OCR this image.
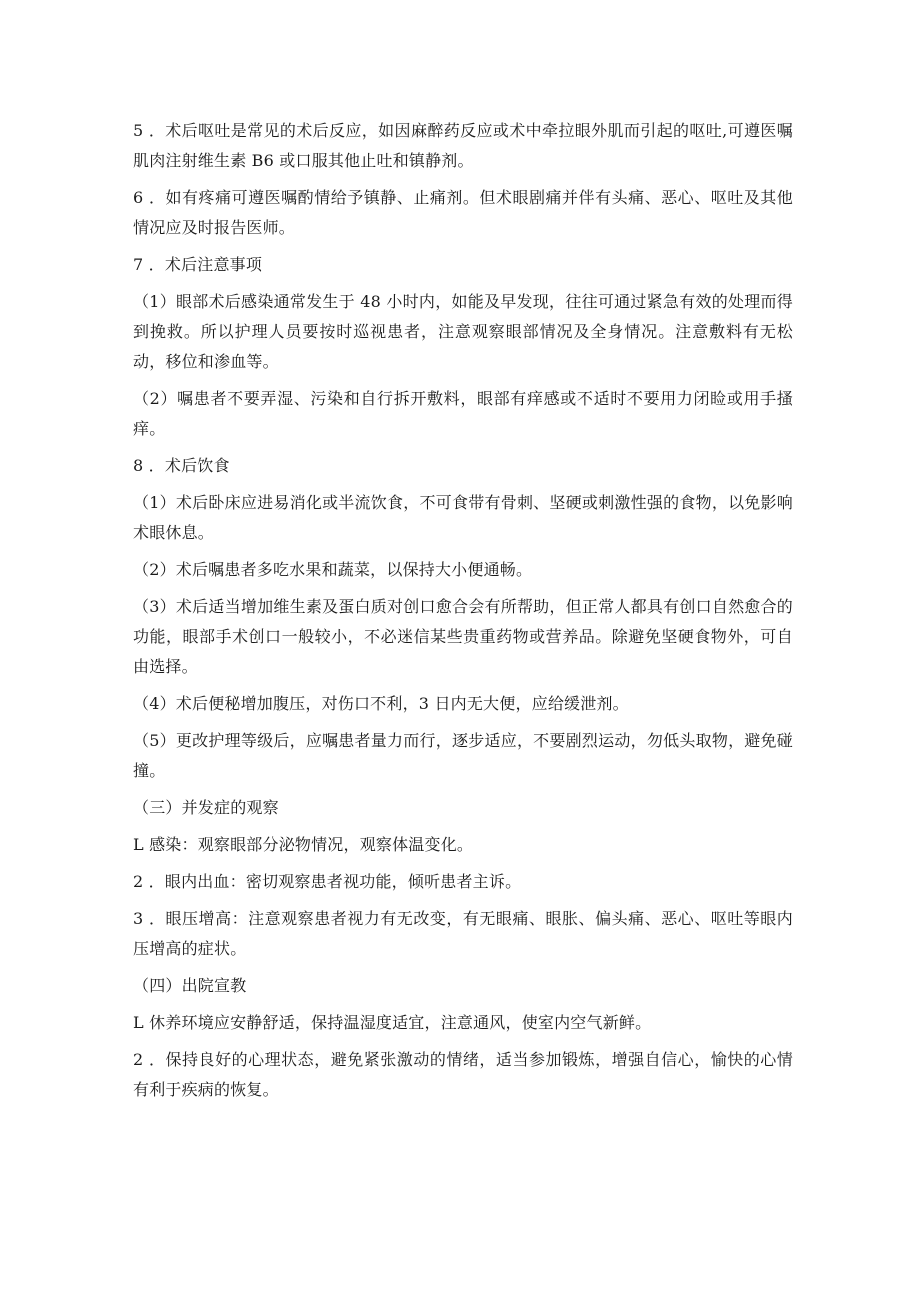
5 ．术后呕吐是常见的术后反应，如因麻醉药反应或术中牵拉眼外肌而引起的呕吐,可遵医嘱肌肉注射维生素 B6 或口服其他止吐和镇静剂。

6 ．如有疼痛可遵医嘱酌情给予镇静、止痛剂。但术眼剧痛并伴有头痛、恶心、呕吐及其他情况应及时报告医师。

7 ．术后注意事项

（1）眼部术后感染通常发生于 48 小时内，如能及早发现，往往可通过紧急有效的处理而得到挽救。所以护理人员要按时巡视患者，注意观察眼部情况及全身情况。注意敷料有无松动，移位和渗血等。

（2）嘱患者不要弄湿、污染和自行拆开敷料，眼部有痒感或不适时不要用力闭睑或用手搔痒。

8 ．术后饮食

（1）术后卧床应进易消化或半流饮食，不可食带有骨刺、坚硬或刺激性强的食物，以免影响术眼休息。

（2）术后嘱患者多吃水果和蔬菜，以保持大小便通畅。

（3）术后适当增加维生素及蛋白质对创口愈合会有所帮助，但正常人都具有创口自然愈合的功能，眼部手术创口一般较小，不必迷信某些贵重药物或营养品。除避免坚硬食物外，可自由选择。

（4）术后便秘增加腹压，对伤口不利，3 日内无大便，应给缓泄剂。

（5）更改护理等级后，应嘱患者量力而行，逐步适应，不要剧烈运动，勿低头取物，避免碰撞。

（三）并发症的观察

L 感染：观察眼部分泌物情况，观察体温变化。

2 ．眼内出血：密切观察患者视功能，倾听患者主诉。

3 ．眼压增高：注意观察患者视力有无改变，有无眼痛、眼胀、偏头痛、恶心、呕吐等眼内压增高的症状。

（四）出院宣教

L 休养环境应安静舒适，保持温湿度适宜，注意通风，使室内空气新鲜。

2 ．保持良好的心理状态，避免紧张激动的情绪，适当参加锻炼，增强自信心，愉快的心情有利于疾病的恢复。
